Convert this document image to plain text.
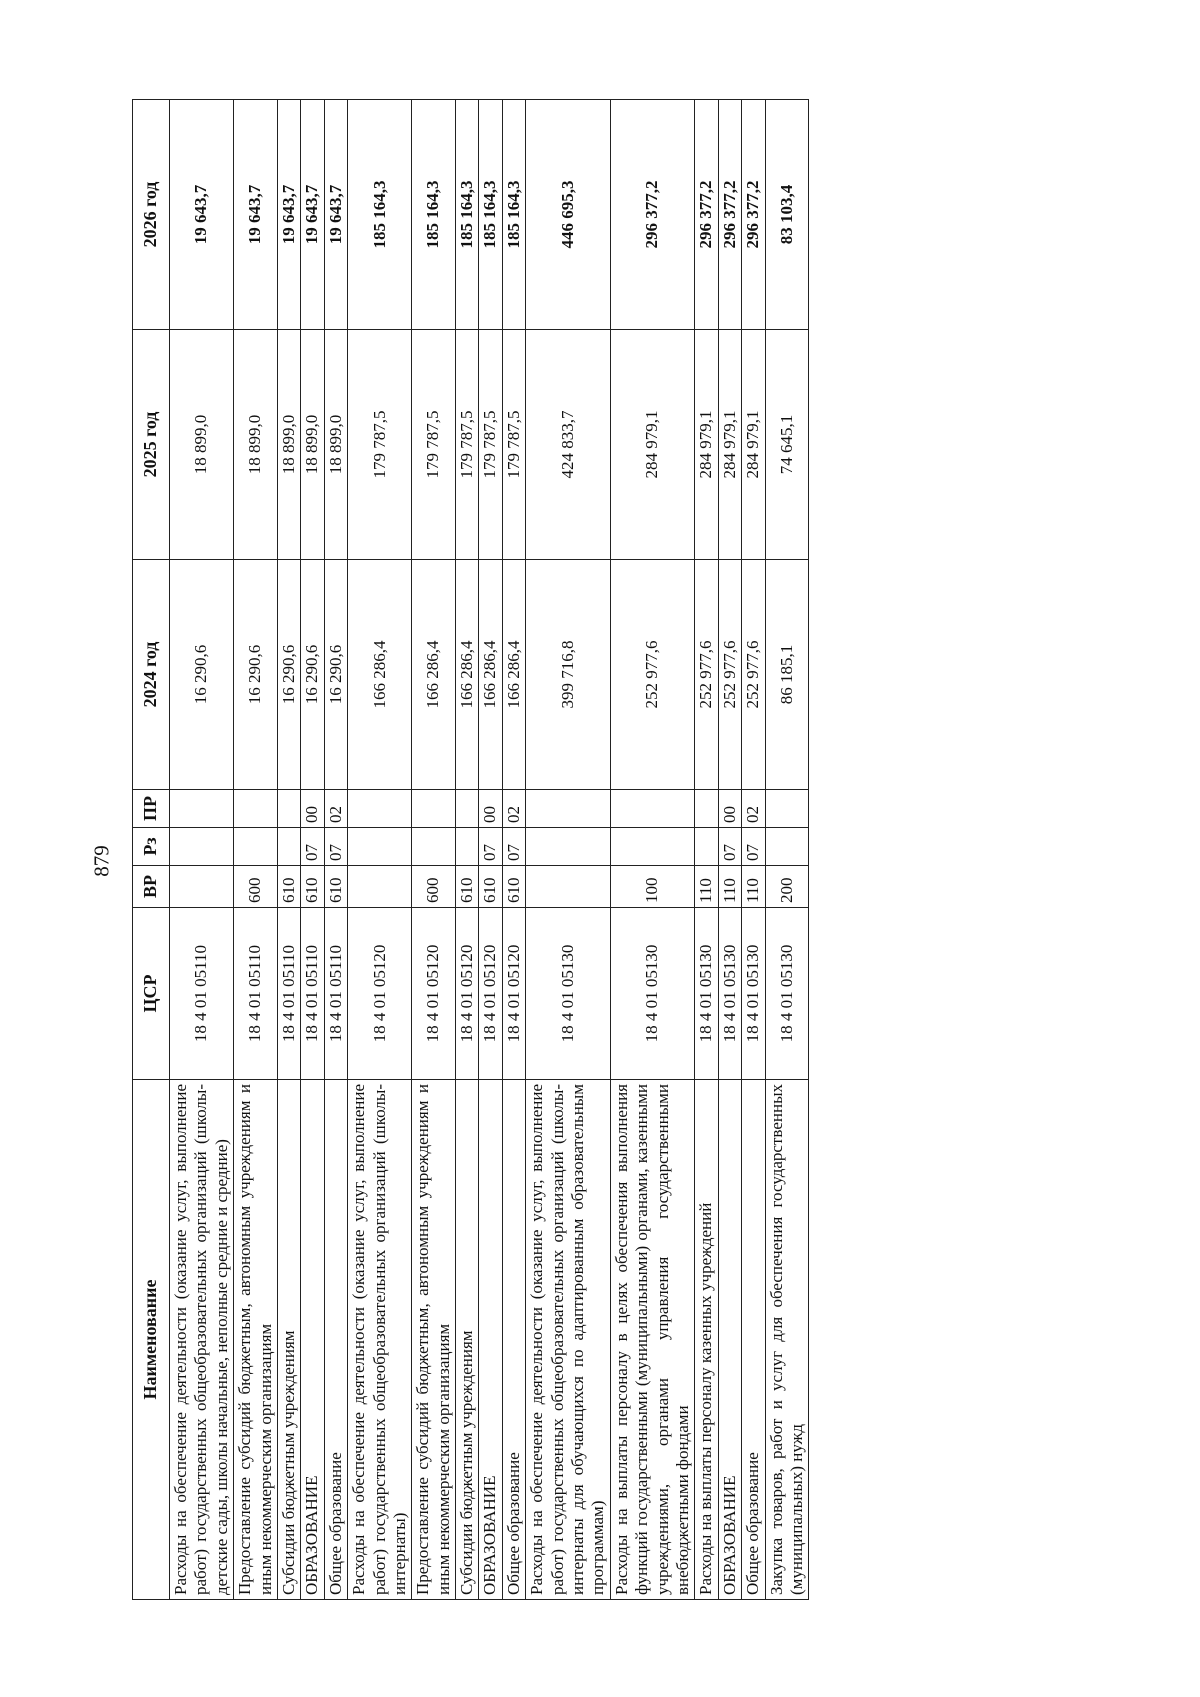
879
Наименование	ЦСР	ВР	Рз	ПР	2024 год	2025 год	2026 год
Расходы на обеспечение деятельности (оказание услуг, выполнение работ) государственных общеобразовательных организаций (школы-детские сады, школы начальные, неполные средние и средние)	18 4 01 05110				16 290,6	18 899,0	19 643,7
Предоставление субсидий бюджетным, автономным учреждениям и иным некоммерческим организациям	18 4 01 05110	600			16 290,6	18 899,0	19 643,7
Субсидии бюджетным учреждениям	18 4 01 05110	610			16 290,6	18 899,0	19 643,7
ОБРАЗОВАНИЕ	18 4 01 05110	610	07	00	16 290,6	18 899,0	19 643,7
Общее образование	18 4 01 05110	610	07	02	16 290,6	18 899,0	19 643,7
Расходы на обеспечение деятельности (оказание услуг, выполнение работ) государственных общеобразовательных организаций (школы-интернаты)	18 4 01 05120				166 286,4	179 787,5	185 164,3
Предоставление субсидий бюджетным, автономным учреждениям и иным некоммерческим организациям	18 4 01 05120	600			166 286,4	179 787,5	185 164,3
Субсидии бюджетным учреждениям	18 4 01 05120	610			166 286,4	179 787,5	185 164,3
ОБРАЗОВАНИЕ	18 4 01 05120	610	07	00	166 286,4	179 787,5	185 164,3
Общее образование	18 4 01 05120	610	07	02	166 286,4	179 787,5	185 164,3
Расходы на обеспечение деятельности (оказание услуг, выполнение работ) государственных общеобразовательных организаций (школы-интернаты для обучающихся по адаптированным образовательным программам)	18 4 01 05130				399 716,8	424 833,7	446 695,3
Расходы на выплаты персоналу в целях обеспечения выполнения функций государственными (муниципальными) органами, казенными учреждениями, органами управления государственными внебюджетными фондами	18 4 01 05130	100			252 977,6	284 979,1	296 377,2
Расходы на выплаты персоналу казенных учреждений	18 4 01 05130	110			252 977,6	284 979,1	296 377,2
ОБРАЗОВАНИЕ	18 4 01 05130	110	07	00	252 977,6	284 979,1	296 377,2
Общее образование	18 4 01 05130	110	07	02	252 977,6	284 979,1	296 377,2
Закупка товаров, работ и услуг для обеспечения государственных (муниципальных) нужд	18 4 01 05130	200			86 185,1	74 645,1	83 103,4
